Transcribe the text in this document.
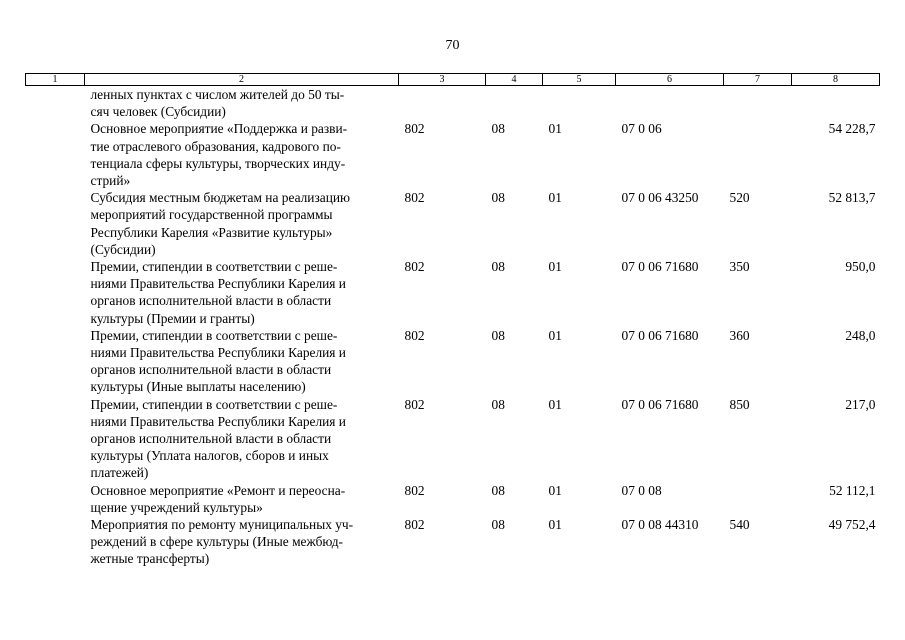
70
1	2	3	4	5	6	7	8

	ленных пунктах с числом жителей до 50 ты-
сяч человек (Субсидии)						

	Основное мероприятие «Поддержка и разви-
тие отраслевого образования, кадрового по-
тенциала сферы культуры, творческих инду-
стрий»	802	08	01	07 0 06		54 228,7

	Субсидия местным бюджетам на реализацию
мероприятий государственной программы
Республики Карелия «Развитие культуры»
(Субсидии)	802	08	01	07 0 06 43250	520	52 813,7

	Премии, стипендии в соответствии с реше-
ниями Правительства Республики Карелия и
органов исполнительной власти в области
культуры (Премии и гранты)	802	08	01	07 0 06 71680	350	950,0

	Премии, стипендии в соответствии с реше-
ниями Правительства Республики Карелия и
органов исполнительной власти в области
культуры (Иные выплаты населению)	802	08	01	07 0 06 71680	360	248,0

	Премии, стипендии в соответствии с реше-
ниями Правительства Республики Карелия и
органов исполнительной власти в области
культуры (Уплата налогов, сборов и иных
платежей)	802	08	01	07 0 06 71680	850	217,0

	Основное мероприятие «Ремонт и переосна-
щение учреждений культуры»	802	08	01	07 0 08		52 112,1

	Мероприятия по ремонту муниципальных уч-
реждений в сфере культуры (Иные межбюд-
жетные трансферты)	802	08	01	07 0 08 44310	540	49 752,4
